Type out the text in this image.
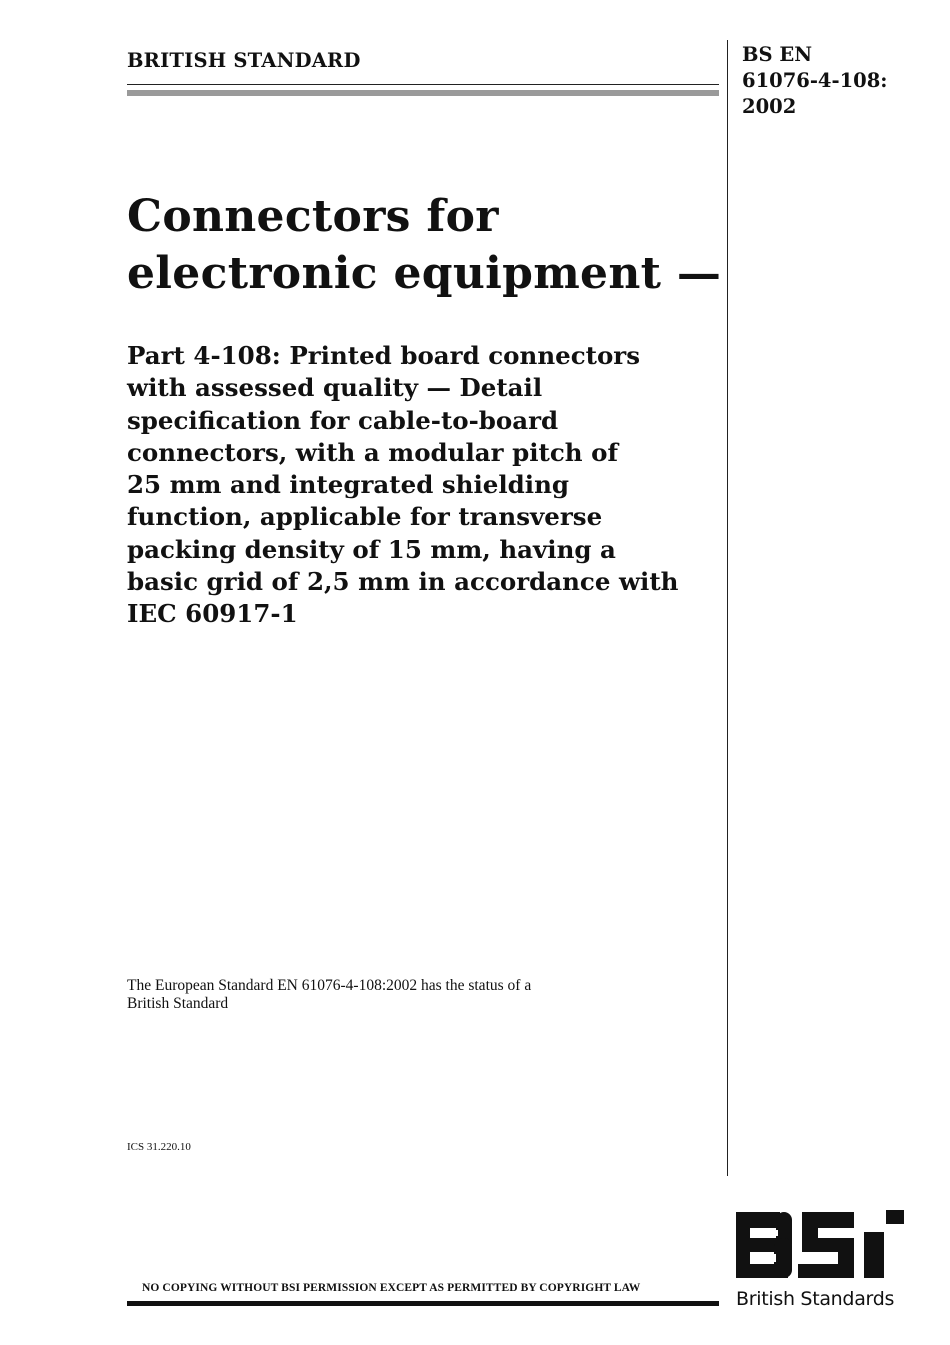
BRITISH STANDARD	BS EN
61076-4-108:
2002
Connectors for
electronic equipment —
Part 4-108: Printed board connectors
with assessed quality — Detail
specification for cable-to-board
connectors, with a modular pitch of
25 mm and integrated shielding
function, applicable for transverse
packing density of 15 mm, having a
basic grid of 2,5 mm in accordance with
IEC 60917-1
The European Standard EN 61076-4-108:2002 has the status of a
British Standard
ICS 31.220.10
NO COPYING WITHOUT BSI PERMISSION EXCEPT AS PERMITTED BY COPYRIGHT LAW	British Standards
